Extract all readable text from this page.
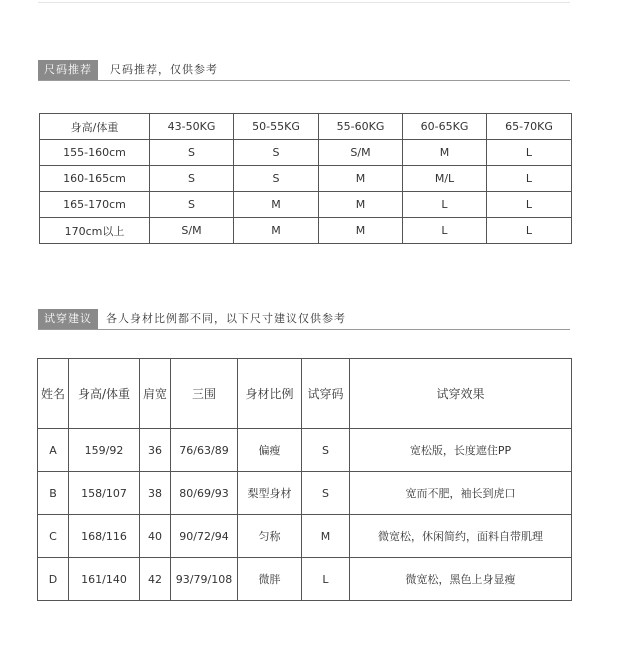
尺码推荐	尺码推荐，仅供参考
身高/体重	43-50KG	50-55KG	55-60KG	60-65KG	65-70KG
155-160cm	S	S	S/M	M	L
160-165cm	S	S	M	M/L	L
165-170cm	S	M	M	L	L
170cm以上	S/M	M	M	L	L
试穿建议	各人身材比例都不同，以下尺寸建议仅供参考
姓名	身高/体重	肩宽	三围	身材比例	试穿码	试穿效果
A	159/92	36	76/63/89	偏瘦	S	宽松版，长度遮住PP
B	158/107	38	80/69/93	梨型身材	S	宽而不肥，袖长到虎口
C	168/116	40	90/72/94	匀称	M	微宽松，休闲简约，面料自带肌理
D	161/140	42	93/79/108	微胖	L	微宽松，黑色上身显瘦
